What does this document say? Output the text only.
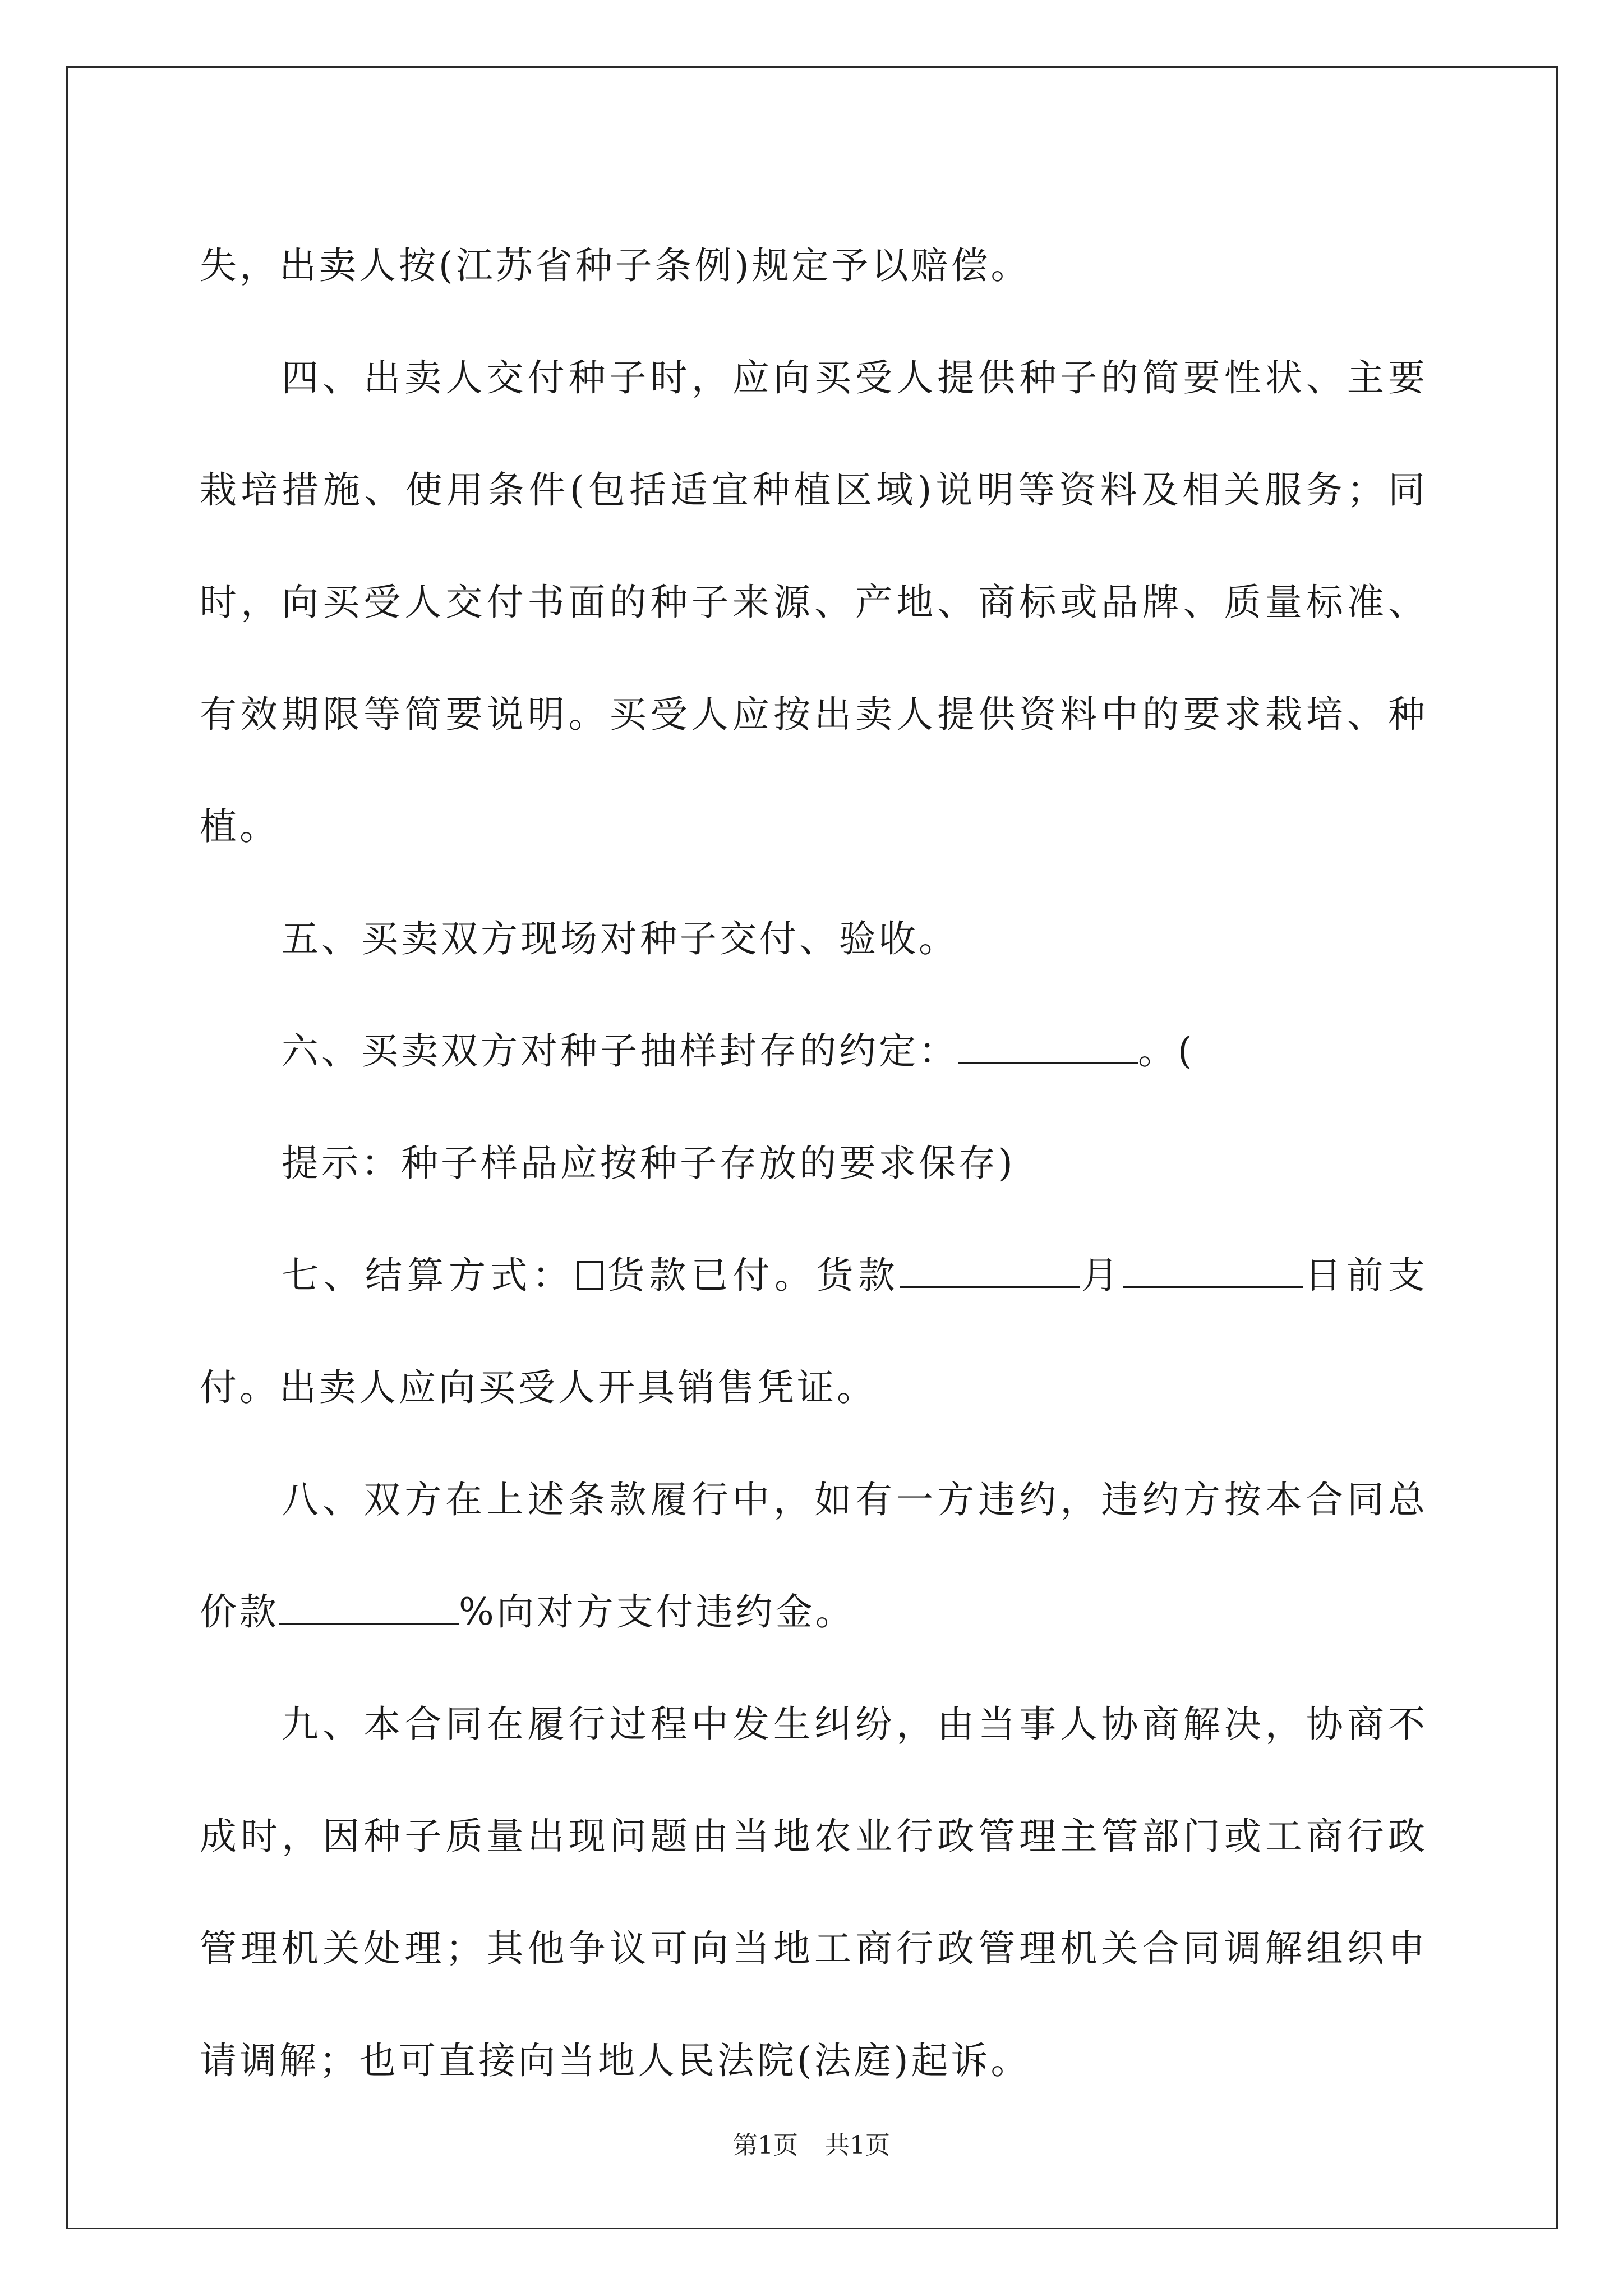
失，出卖人按(江苏省种子条例)规定予以赔偿。
四、出卖人交付种子时，应向买受人提供种子的简要性状、主要
栽培措施、使用条件(包括适宜种植区域)说明等资料及相关服务；同
时，向买受人交付书面的种子来源、产地、商标或品牌、质量标准、
有效期限等简要说明。买受人应按出卖人提供资料中的要求栽培、种
植。
五、买卖双方现场对种子交付、验收。
六、买卖双方对种子抽样封存的约定：	。(
提示：种子样品应按种子存放的要求保存)
七、结算方式： 货款已付。货款	月	日前支
付。出卖人应向买受人开具销售凭证。
八、双方在上述条款履行中，如有一方违约，违约方按本合同总
价款	%向对方支付违约金。
九、本合同在履行过程中发生纠纷，由当事人协商解决，协商不
成时，因种子质量出现问题由当地农业行政管理主管部门或工商行政
管理机关处理；其他争议可向当地工商行政管理机关合同调解组织申
请调解；也可直接向当地人民法院(法庭)起诉。
第1页 共1页
